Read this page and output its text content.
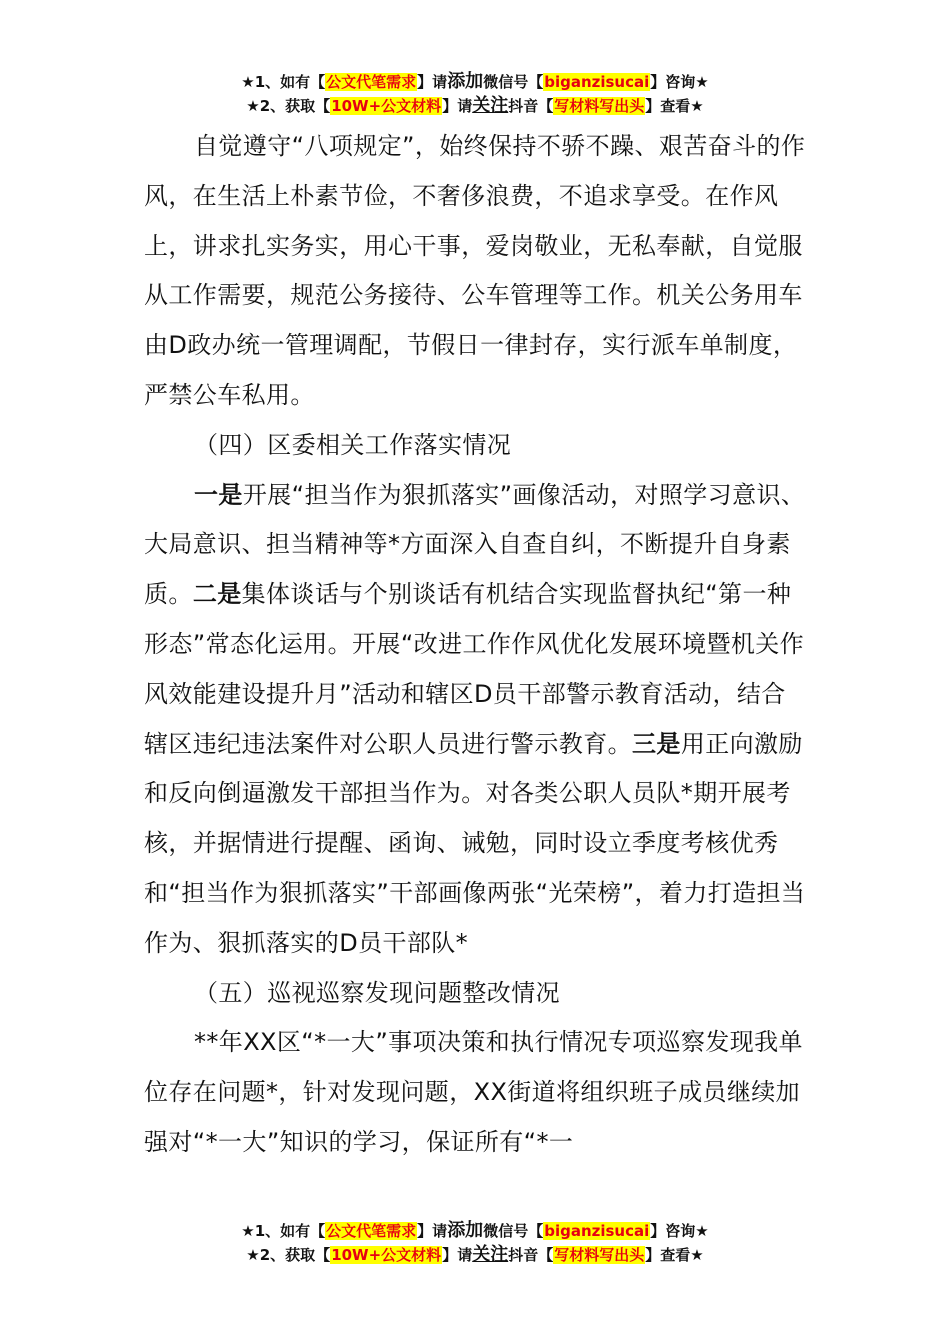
★1、如有【公文代笔需求】请添加微信号【biganzisucai】咨询★
★2、获取【10W+公文材料】请关注抖音【写材料写出头】查看★

自觉遵守“八项规定”，始终保持不骄不躁、艰苦奋斗的作风，在生活上朴素节俭，不奢侈浪费，不追求享受。在作风上，讲求扎实务实，用心干事，爱岗敬业，无私奉献，自觉服从工作需要，规范公务接待、公车管理等工作。机关公务用车由D政办统一管理调配，节假日一律封存，实行派车单制度，严禁公车私用。

（四）区委相关工作落实情况

一是开展“担当作为狠抓落实”画像活动，对照学习意识、大局意识、担当精神等*方面深入自查自纠，不断提升自身素质。二是集体谈话与个别谈话有机结合实现监督执纪“第一种形态”常态化运用。开展“改进工作作风优化发展环境暨机关作风效能建设提升月”活动和辖区D员干部警示教育活动，结合辖区违纪违法案件对公职人员进行警示教育。三是用正向激励和反向倒逼激发干部担当作为。对各类公职人员队*期开展考核，并据情进行提醒、函询、诫勉，同时设立季度考核优秀和“担当作为狠抓落实”干部画像两张“光荣榜”，着力打造担当作为、狠抓落实的D员干部队*

（五）巡视巡察发现问题整改情况

**年XX区“*一大”事项决策和执行情况专项巡察发现我单位存在问题*，针对发现问题，XX街道将组织班子成员继续加强对“*一大”知识的学习，保证所有“*一

★1、如有【公文代笔需求】请添加微信号【biganzisucai】咨询★
★2、获取【10W+公文材料】请关注抖音【写材料写出头】查看★
